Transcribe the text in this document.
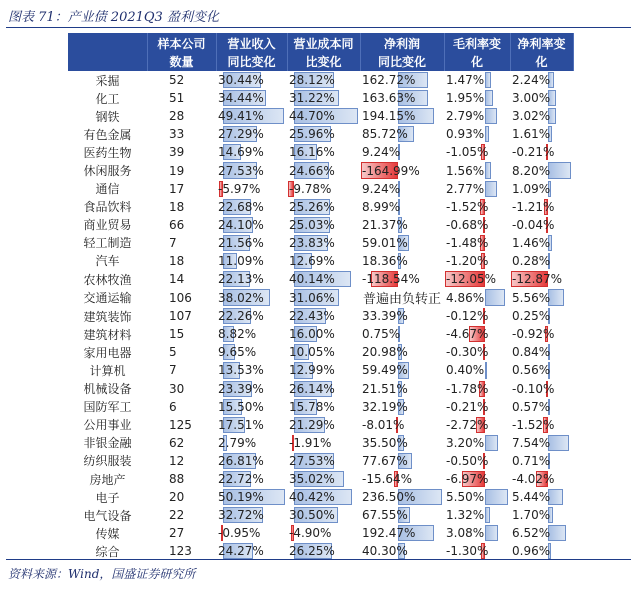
图表 71：产业债 2021Q3 盈利变化
	样本公司	营业收入	营业成本同	净利润	毛利率变	净利率变
	数量	同比变化	比变化	同比变化	化	化
采掘	52	30.44%	28.12%	162.72%	1.47%	2.24%
化工	51	34.44%	31.22%	163.63%	1.95%	3.00%
钢铁	28	49.41%	44.70%	194.15%	2.79%	3.02%
有色金属	33	27.29%	25.96%	85.72%	0.93%	1.61%
医药生物	39	14.69%	16.16%	9.24%	-1.05%	-0.21%
休闲服务	19	27.53%	24.66%	-164.99%	1.56%	8.20%
通信	17	-5.97%	-9.78%	9.24%	2.77%	1.09%
食品饮料	18	22.68%	25.26%	8.99%	-1.52%	-1.21%
商业贸易	66	24.10%	25.03%	21.37%	-0.68%	-0.04%
轻工制造	7	21.56%	23.83%	59.01%	-1.48%	1.46%
汽车	18	11.09%	12.69%	18.36%	-1.20%	0.28%
农林牧渔	14	22.13%	40.14%	-118.54%	-12.05%	-12.87%
交通运输	106	38.02%	31.06%	普遍由负转正	4.86%	5.56%
建筑装饰	107	22.26%	22.43%	33.39%	-0.12%	0.25%
建筑材料	15	8.82%	16.00%	0.75%	-4.67%	-0.92%
家用电器	5	9.65%	10.05%	20.98%	-0.30%	0.84%
计算机	7	13.53%	12.99%	59.49%	0.40%	0.56%
机械设备	30	23.39%	26.14%	21.51%	-1.78%	-0.10%
国防军工	6	15.50%	15.78%	32.19%	-0.21%	0.57%
公用事业	125	17.51%	21.29%	-8.01%	-2.72%	-1.52%
非银金融	62	2.79%	-1.91%	35.50%	3.20%	7.54%
纺织服装	12	26.81%	27.53%	77.67%	-0.50%	0.71%
房地产	88	22.72%	35.02%	-15.64%	-6.97%	-4.02%
电子	20	50.19%	40.42%	236.50%	5.50%	5.44%
电气设备	22	32.72%	30.50%	67.55%	1.32%	1.70%
传媒	27	-0.95%	-4.90%	192.47%	3.08%	6.52%
综合	123	24.27%	26.25%	40.30%	-1.30%	0.96%
资料来源：Wind，国盛证券研究所
